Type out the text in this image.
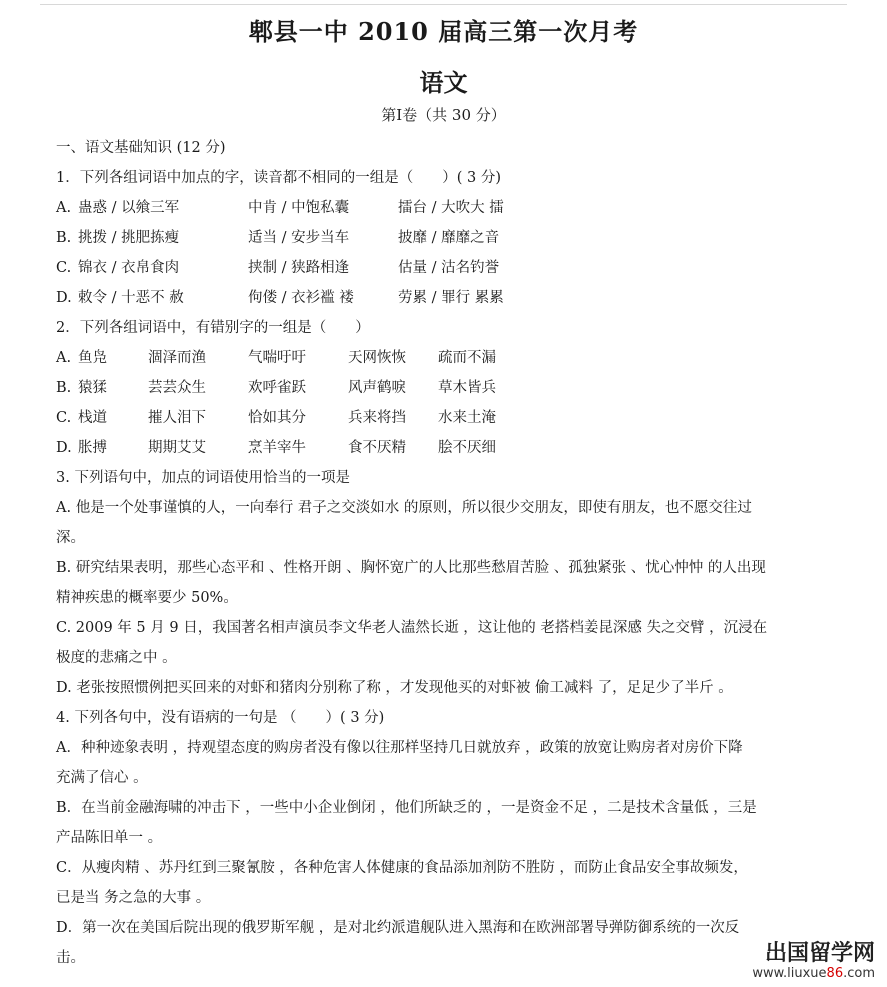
郫县一中 2010 届高三第一次月考
语文
第Ⅰ卷（共 30 分）
一、语文基础知识 (12 分)
1．下列各组词语中加点的字，读音都不相同的一组是（　　）( 3 分)
A. 蛊惑 / 以飨三军	中肯 / 中饱私囊	擂台 / 大吹大 擂
B. 挑拨 / 挑肥拣瘦	适当 / 安步当车	披靡 / 靡靡之音
C. 锦衣 / 衣帛食肉	挟制 / 狭路相逢	估量 / 沽名钓誉
D. 敕令 / 十恶不 赦	佝偻 / 衣衫褴 褛	劳累 / 罪行 累累
2．下列各组词语中，有错别字的一组是（　　）
A. 鱼凫	涸泽而渔	气喘吁吁	天网恢恢	疏而不漏
B. 猿猱	芸芸众生	欢呼雀跃	风声鹤唳	草木皆兵
C. 栈道	摧人泪下	恰如其分	兵来将挡	水来土淹
D. 胀搏	期期艾艾	烹羊宰牛	食不厌精	脍不厌细
3. 下列语句中，加点的词语使用恰当的一项是
A. 他是一个处事谨慎的人，一向奉行 君子之交淡如水 的原则，所以很少交朋友，即使有朋友，也不愿交往过
深。
B. 研究结果表明，那些心态平和 、性格开朗 、胸怀宽广的人比那些愁眉苦脸 、孤独紧张 、忧心忡忡 的人出现
精神疾患的概率要少 50%。
C. 2009 年 5 月 9 日，我国著名相声演员李文华老人溘然长逝 ，这让他的 老搭档姜昆深感 失之交臂 ，沉浸在
极度的悲痛之中 。
D. 老张按照惯例把买回来的对虾和猪肉分别称了称 ，才发现他买的对虾被 偷工减料 了，足足少了半斤 。
4. 下列各句中，没有语病的一句是 （　　）( 3 分)
A．种种迹象表明 ，持观望态度的购房者没有像以往那样坚持几日就放弃 ，政策的放宽让购房者对房价下降
充满了信心 。
B．在当前金融海啸的冲击下 ，一些中小企业倒闭 ，他们所缺乏的 ，一是资金不足 ，二是技术含量低 ，三是
产品陈旧单一 。
C．从瘦肉精 、苏丹红到三聚氰胺 ，各种危害人体健康的食品添加剂防不胜防 ，而防止食品安全事故频发，
已是当 务之急的大事 。
D．第一次在美国后院出现的俄罗斯军舰 ，是对北约派遣舰队进入黑海和在欧洲部署导弹防御系统的一次反
击。	出国留学网
www.liuxue86.com
